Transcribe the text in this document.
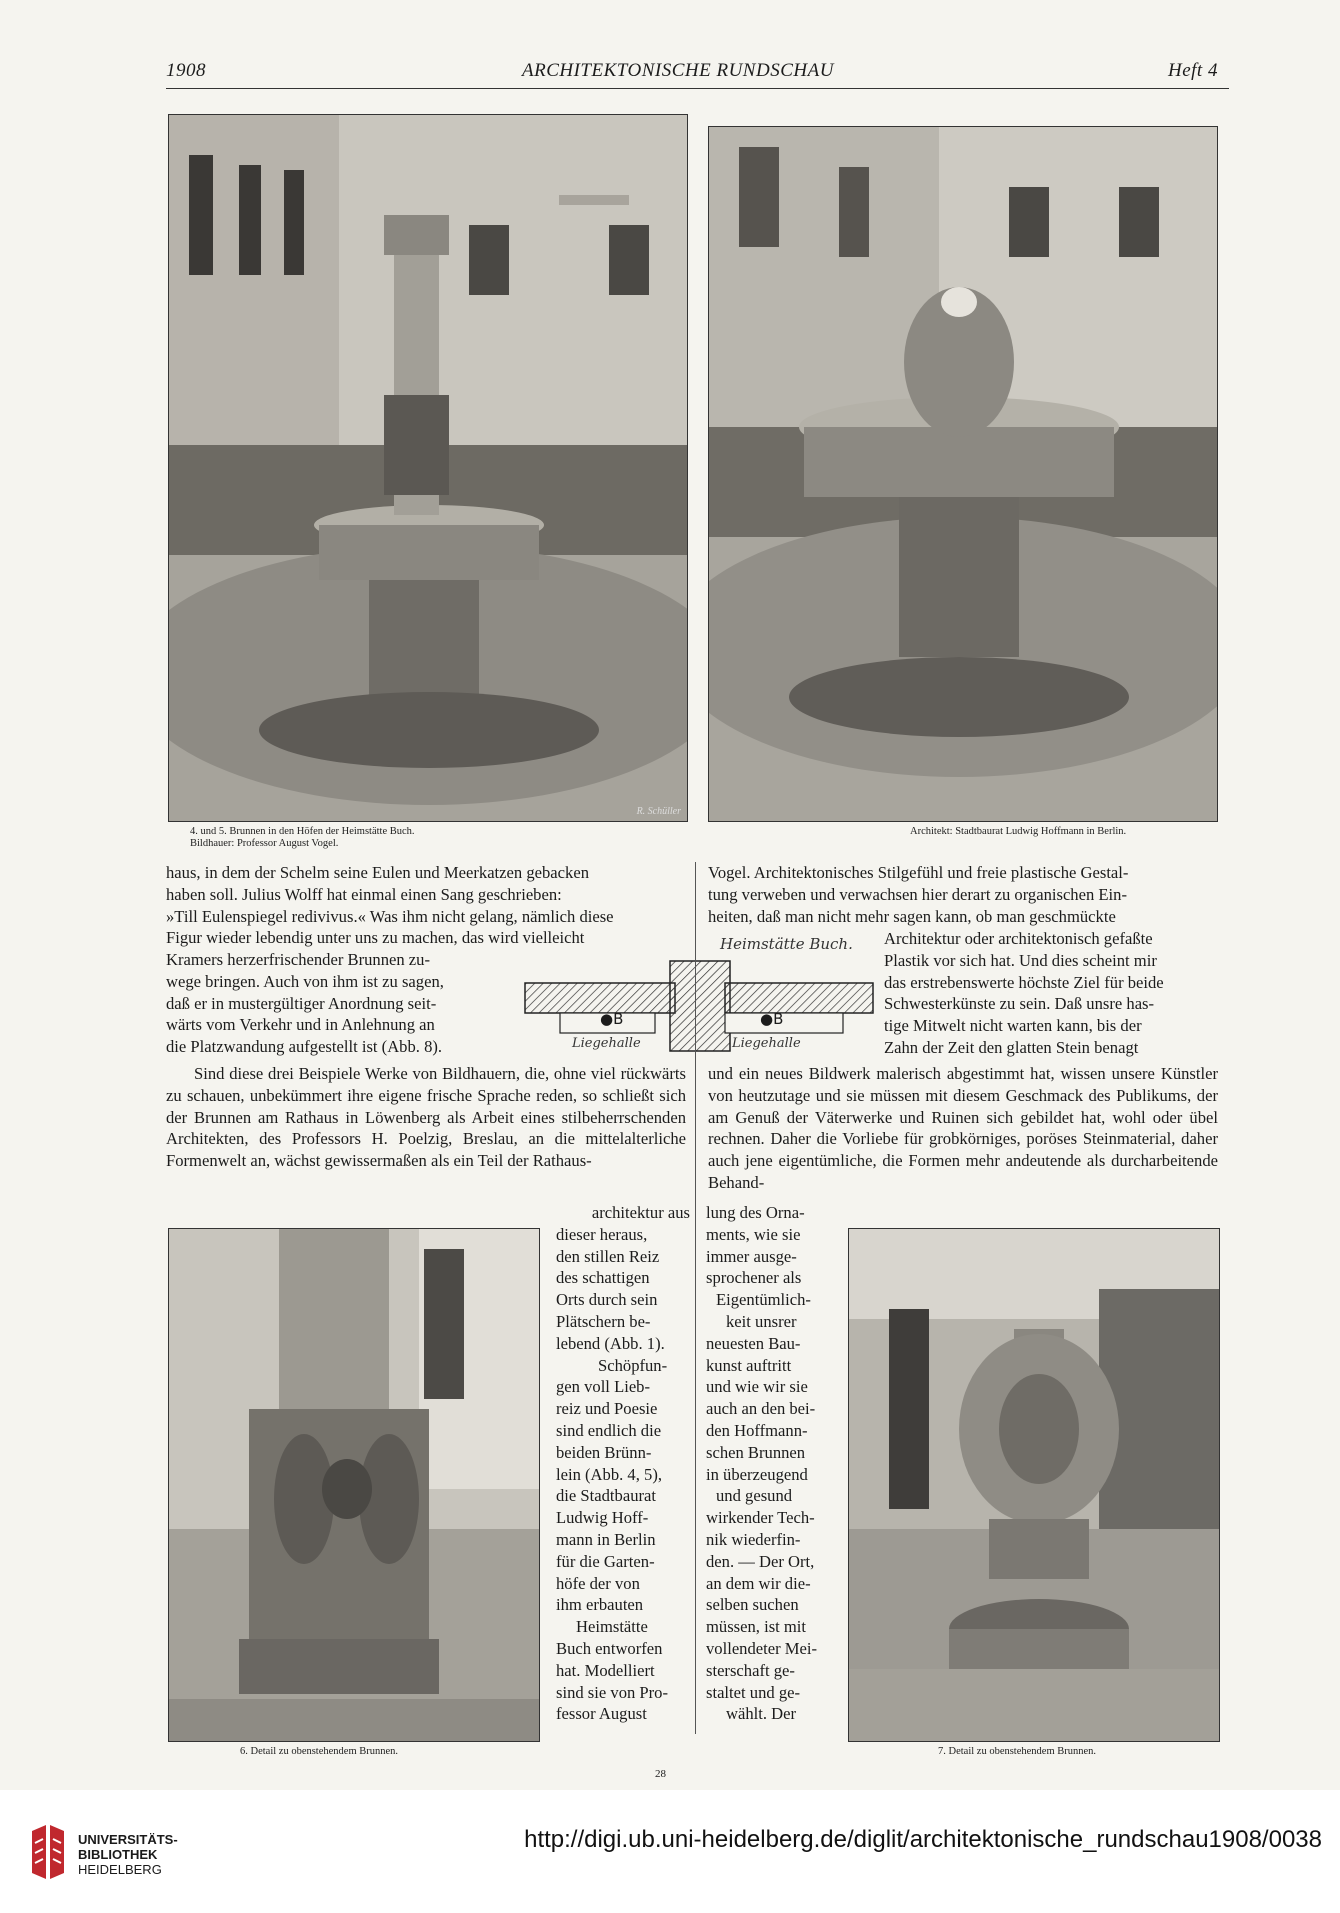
1908	ARCHITEKTONISCHE RUNDSCHAU	Heft 4
R. Schüller
4. und 5. Brunnen in den Höfen der Heimstätte Buch.
Bildhauer: Professor August Vogel.
Architekt: Stadtbaurat Ludwig Hoffmann in Berlin.

haus, in dem der Schelm seine Eulen und Meerkatzen gebacken

haben soll. Julius Wolff hat einmal einen Sang geschrieben:

»Till Eulenspiegel redivivus.« Was ihm nicht gelang, nämlich diese

Figur wieder lebendig unter uns zu machen, das wird vielleicht

Kramers herzerfrischender Brunnen zu-

wege bringen. Auch von ihm ist zu sagen,

daß er in mustergültiger Anordnung seit-

wärts vom Verkehr und in Anlehnung an

die Platzwandung aufgestellt ist (Abb. 8).

Sind diese drei Beispiele Werke von Bildhauern, die, ohne viel rückwärts zu schauen, unbekümmert ihre eigene frische Sprache reden, so schließt sich der Brunnen am Rathaus in Löwenberg als Arbeit eines stilbeherrschenden Architekten, des Professors H. Poelzig, Breslau, an die mittelalterliche Formenwelt an, wächst gewissermaßen als ein Teil der Rathaus-

Vogel. Architektonisches Stilgefühl und freie plastische Gestal-

tung verweben und verwachsen hier derart zu organischen Ein-

heiten, daß man nicht mehr sagen kann, ob man geschmückte

Architektur oder architektonisch gefaßte

Plastik vor sich hat. Und dies scheint mir

das erstrebenswerte höchste Ziel für beide

Schwesterkünste zu sein. Daß unsre has-

tige Mitwelt nicht warten kann, bis der

Zahn der Zeit den glatten Stein benagt

und ein neues Bildwerk malerisch abgestimmt hat, wissen unsere Künstler von heutzutage und sie müssen mit diesem Geschmack des Publikums, der am Genuß der Väterwerke und Ruinen sich gebildet hat, wohl oder übel rechnen. Daher die Vorliebe für grobkörniges, poröses Steinmaterial, daher auch jene eigentümliche, die Formen mehr andeutende als durcharbeitende Behand-
Heimstätte Buch.
●B	●B
Liegehalle	Liegehalle
architektur aus
dieser heraus,
den stillen Reiz
des schattigen
Orts durch sein
Plätschern be-
lebend (Abb. 1).
Schöpfun-
gen voll Lieb-
reiz und Poesie
sind endlich die
beiden Brünn-
lein (Abb. 4, 5),
die Stadtbaurat
Ludwig Hoff-
mann in Berlin
für die Garten-
höfe der von
ihm erbauten
Heimstätte
Buch entworfen
hat. Modelliert
sind sie von Pro-
fessor August
lung des Orna-
ments, wie sie
immer ausge-
sprochener als
Eigentümlich-
keit unsrer
neuesten Bau-
kunst auftritt
und wie wir sie
auch an den bei-
den Hoffmann-
schen Brunnen
in überzeugend
und gesund
wirkender Tech-
nik wiederfin-
den. — Der Ort,
an dem wir die-
selben suchen
müssen, ist mit
vollendeter Mei-
sterschaft ge-
staltet und ge-
wählt. Der
6. Detail zu obenstehendem Brunnen.	7. Detail zu obenstehendem Brunnen.
28
UNIVERSITÄTS-
BIBLIOTHEK
HEIDELBERG
http://digi.ub.uni-heidelberg.de/diglit/architektonische_rundschau1908/0038
